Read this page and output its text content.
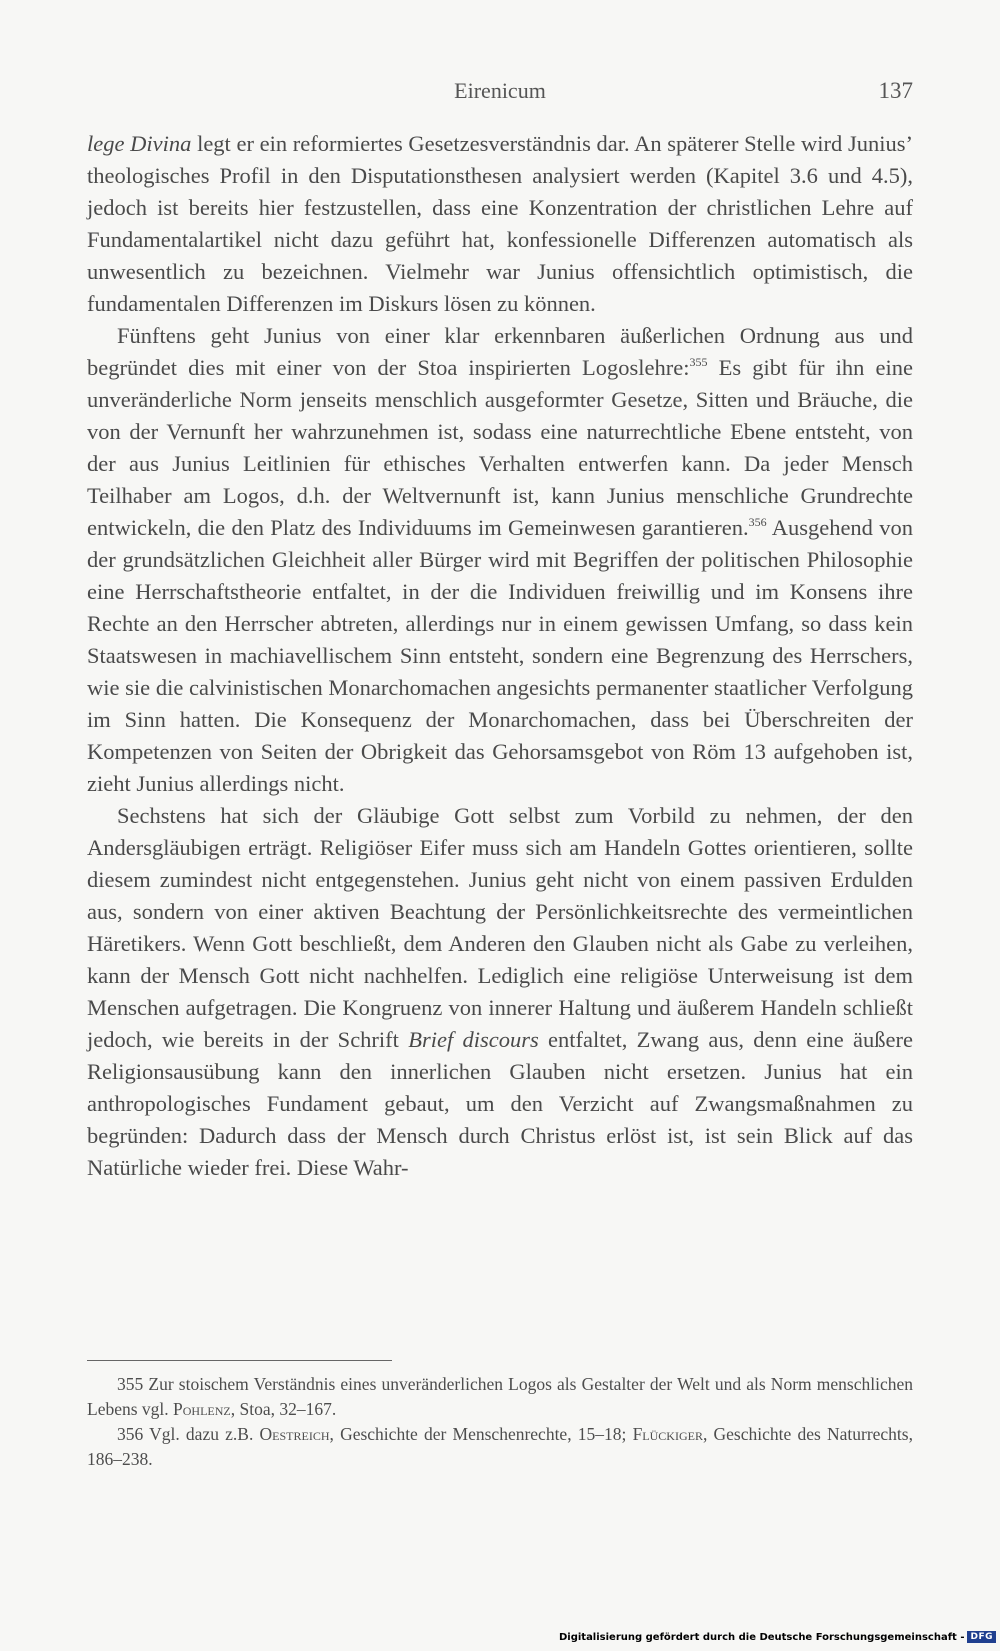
Eirenicum	137

lege Divina legt er ein reformiertes Gesetzesverständnis dar. An späterer Stelle wird Junius’ theologisches Profil in den Disputationsthesen analysiert werden (Kapitel 3.6 und 4.5), jedoch ist bereits hier festzustellen, dass eine Konzentration der christlichen Lehre auf Fundamentalartikel nicht dazu geführt hat, konfessionelle Differenzen automatisch als unwesentlich zu bezeichnen. Vielmehr war Junius offensichtlich optimistisch, die fundamentalen Differenzen im Diskurs lösen zu können.

Fünftens geht Junius von einer klar erkennbaren äußerlichen Ordnung aus und begründet dies mit einer von der Stoa inspirierten Logoslehre:$^{355}$ Es gibt für ihn eine unveränderliche Norm jenseits menschlich ausgeformter Gesetze, Sitten und Bräuche, die von der Vernunft her wahrzunehmen ist, sodass eine naturrechtliche Ebene entsteht, von der aus Junius Leitlinien für ethisches Verhalten entwerfen kann. Da jeder Mensch Teilhaber am Logos, d.h. der Weltvernunft ist, kann Junius menschliche Grundrechte entwickeln, die den Platz des Individuums im Gemeinwesen garantieren.$^{356}$ Ausgehend von der grundsätzlichen Gleichheit aller Bürger wird mit Begriffen der politischen Philosophie eine Herrschaftstheorie entfaltet, in der die Individuen freiwillig und im Konsens ihre Rechte an den Herrscher abtreten, allerdings nur in einem gewissen Umfang, so dass kein Staatswesen in machiavellischem Sinn entsteht, sondern eine Begrenzung des Herrschers, wie sie die calvinistischen Monarchomachen angesichts permanenter staatlicher Verfolgung im Sinn hatten. Die Konsequenz der Monarchomachen, dass bei Überschreiten der Kompetenzen von Seiten der Obrigkeit das Gehorsamsgebot von Röm 13 aufgehoben ist, zieht Junius allerdings nicht.

Sechstens hat sich der Gläubige Gott selbst zum Vorbild zu nehmen, der den Andersgläubigen erträgt. Religiöser Eifer muss sich am Handeln Gottes orientieren, sollte diesem zumindest nicht entgegenstehen. Junius geht nicht von einem passiven Erdulden aus, sondern von einer aktiven Beachtung der Persönlichkeitsrechte des vermeintlichen Häretikers. Wenn Gott beschließt, dem Anderen den Glauben nicht als Gabe zu verleihen, kann der Mensch Gott nicht nachhelfen. Lediglich eine religiöse Unterweisung ist dem Menschen aufgetragen. Die Kongruenz von innerer Haltung und äußerem Handeln schließt jedoch, wie bereits in der Schrift Brief discours entfaltet, Zwang aus, denn eine äußere Religionsausübung kann den innerlichen Glauben nicht ersetzen. Junius hat ein anthropologisches Fundament gebaut, um den Verzicht auf Zwangsmaßnahmen zu begründen: Dadurch dass der Mensch durch Christus erlöst ist, ist sein Blick auf das Natürliche wieder frei. Diese Wahr-

355 Zur stoischem Verständnis eines unveränderlichen Logos als Gestalter der Welt und als Norm menschlichen Lebens vgl. Pohlenz, Stoa, 32–167.

356 Vgl. dazu z.B. Oestreich, Geschichte der Menschenrechte, 15–18; Flückiger, Geschichte des Naturrechts, 186–238.

Digitalisierung gefördert durch die Deutsche Forschungsgemeinschaft - DFG
